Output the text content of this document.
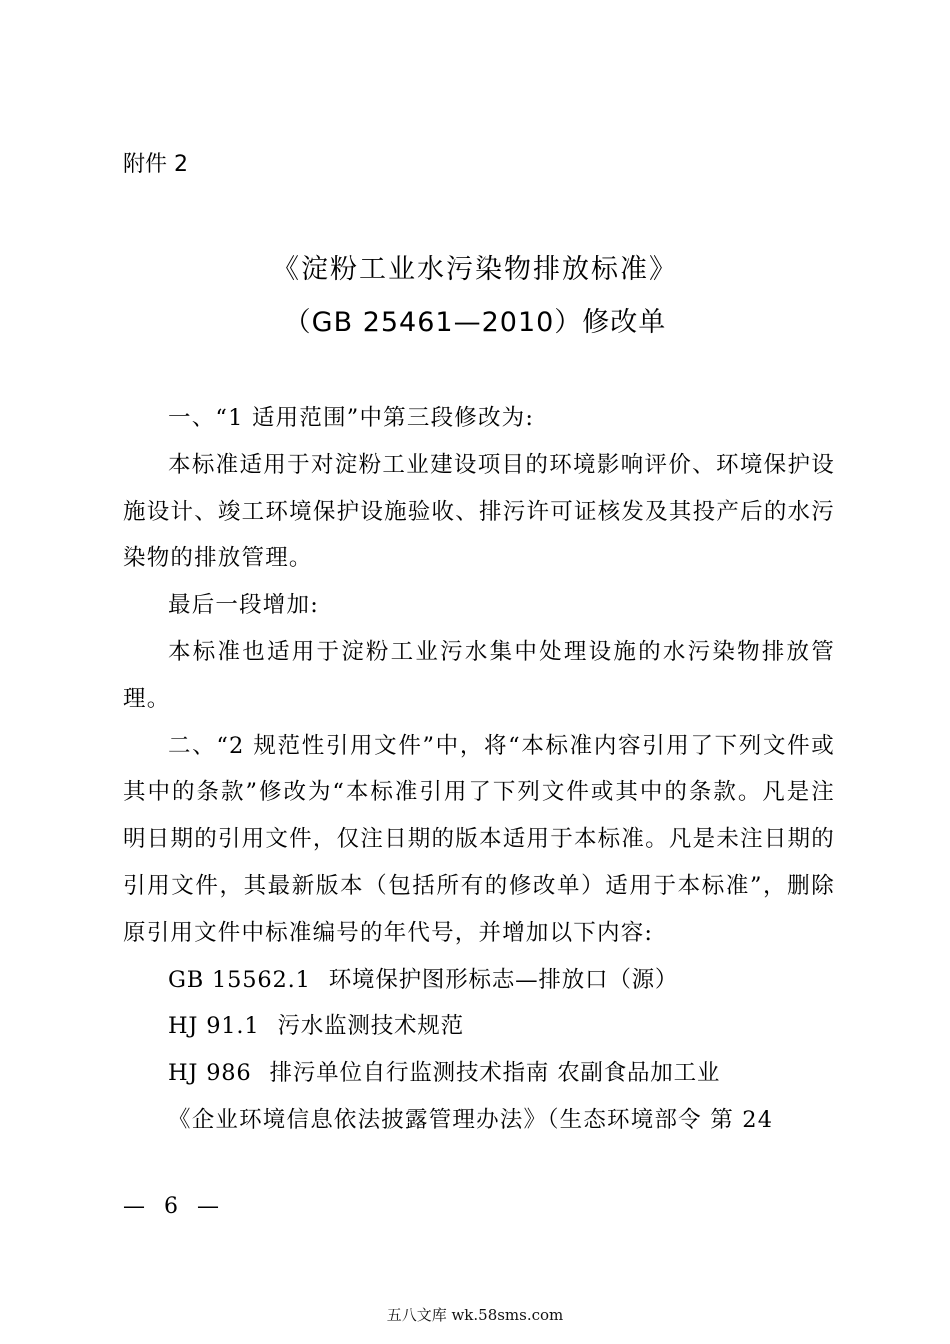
附件 2
《淀粉工业水污染物排放标准》
（GB 25461—2010）修改单

一、“1 适用范围”中第三段修改为:

本标准适用于对淀粉工业建设项目的环境影响评价、环境保护设施设计、竣工环境保护设施验收、排污许可证核发及其投产后的水污染物的排放管理。

最后一段增加:

本标准也适用于淀粉工业污水集中处理设施的水污染物排放管理。

二、“2 规范性引用文件”中，将“本标准内容引用了下列文件或其中的条款”修改为“本标准引用了下列文件或其中的条款。凡是注明日期的引用文件，仅注日期的版本适用于本标准。凡是未注日期的引用文件，其最新版本（包括所有的修改单）适用于本标准”，删除原引用文件中标准编号的年代号，并增加以下内容:

GB 15562.1 环境保护图形标志—排放口（源）
HJ 91.1 污水监测技术规范
HJ 986 排污单位自行监测技术指南 农副食品加工业

《企业环境信息依法披露管理办法》（生态环境部令 第 24

— 6 —
五八文库 wk.58sms.com
